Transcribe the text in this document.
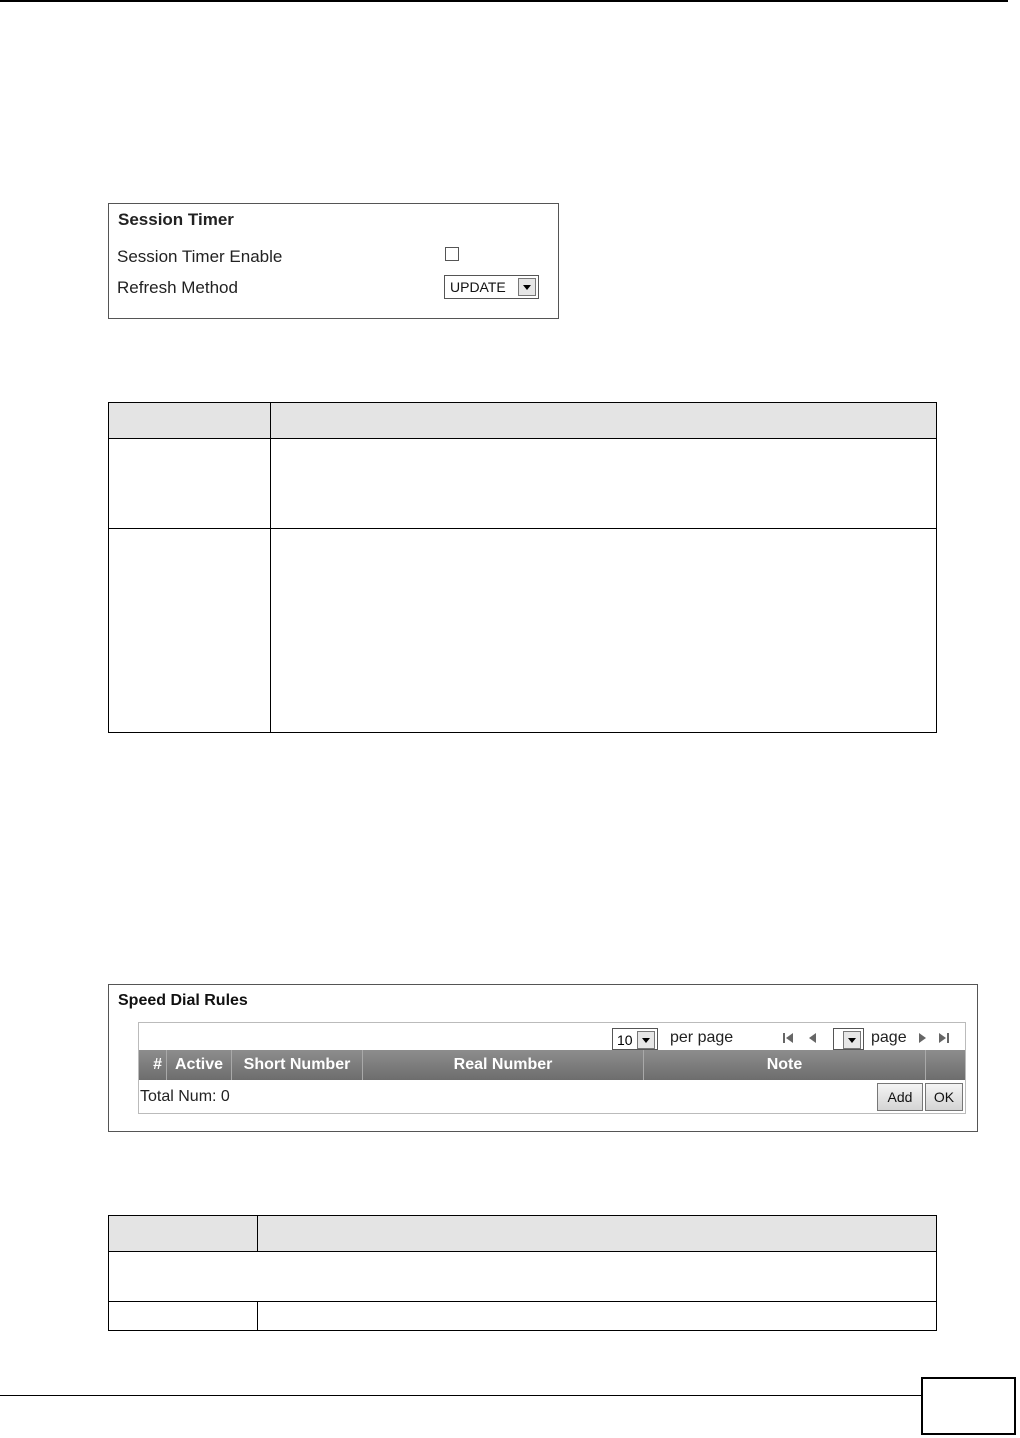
Session Timer
Session Timer Enable
Refresh Method	UPDATE

Speed Dial Rules
10 per page	page
# Active	Short Number	Real Number	Note
Total Num: 0	Add	OK
